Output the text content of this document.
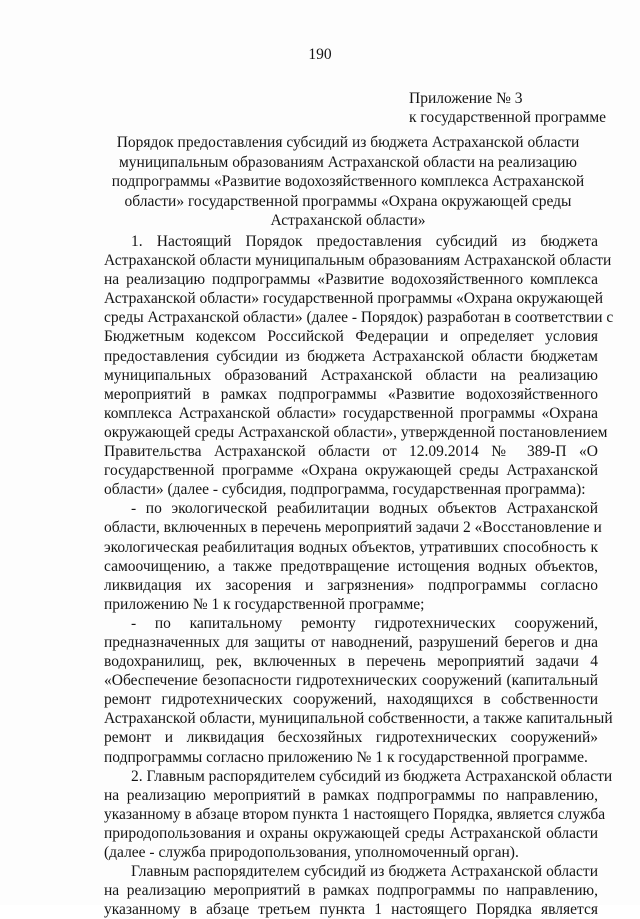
190
Приложение № 3
к государственной программе
Порядок предоставления субсидий из бюджета Астраханской области
муниципальным образованиям Астраханской области на реализацию
подпрограммы «Развитие водохозяйственного комплекса Астраханской
области» государственной программы «Охрана окружающей среды
Астраханской области»
1. Настоящий Порядок предоставления субсидий из бюджета
Астраханской области муниципальным образованиям Астраханской области
на реализацию подпрограммы «Развитие водохозяйственного комплекса
Астраханской области» государственной программы «Охрана окружающей
среды Астраханской области» (далее - Порядок) разработан в соответствии с
Бюджетным кодексом Российской Федерации и определяет условия
предоставления субсидии из бюджета Астраханской области бюджетам
муниципальных образований Астраханской области на реализацию
мероприятий в рамках подпрограммы «Развитие водохозяйственного
комплекса Астраханской области» государственной программы «Охрана
окружающей среды Астраханской области», утвержденной постановлением
Правительства Астраханской области от 12.09.2014 № 389-П «О
государственной программе «Охрана окружающей среды Астраханской
области» (далее - субсидия, подпрограмма, государственная программа):
- по экологической реабилитации водных объектов Астраханской
области, включенных в перечень мероприятий задачи 2 «Восстановление и
экологическая реабилитация водных объектов, утративших способность к
самоочищению, а также предотвращение истощения водных объектов,
ликвидация их засорения и загрязнения» подпрограммы согласно
приложению № 1 к государственной программе;
- по капитальному ремонту гидротехнических сооружений,
предназначенных для защиты от наводнений, разрушений берегов и дна
водохранилищ, рек, включенных в перечень мероприятий задачи 4
«Обеспечение безопасности гидротехнических сооружений (капитальный
ремонт гидротехнических сооружений, находящихся в собственности
Астраханской области, муниципальной собственности, а также капитальный
ремонт и ликвидация бесхозяйных гидротехнических сооружений»
подпрограммы согласно приложению № 1 к государственной программе.
2. Главным распорядителем субсидий из бюджета Астраханской области
на реализацию мероприятий в рамках подпрограммы по направлению,
указанному в абзаце втором пункта 1 настоящего Порядка, является служба
природопользования и охраны окружающей среды Астраханской области
(далее - служба природопользования, уполномоченный орган).
Главным распорядителем субсидий из бюджета Астраханской области
на реализацию мероприятий в рамках подпрограммы по направлению,
указанному в абзаце третьем пункта 1 настоящего Порядка является
